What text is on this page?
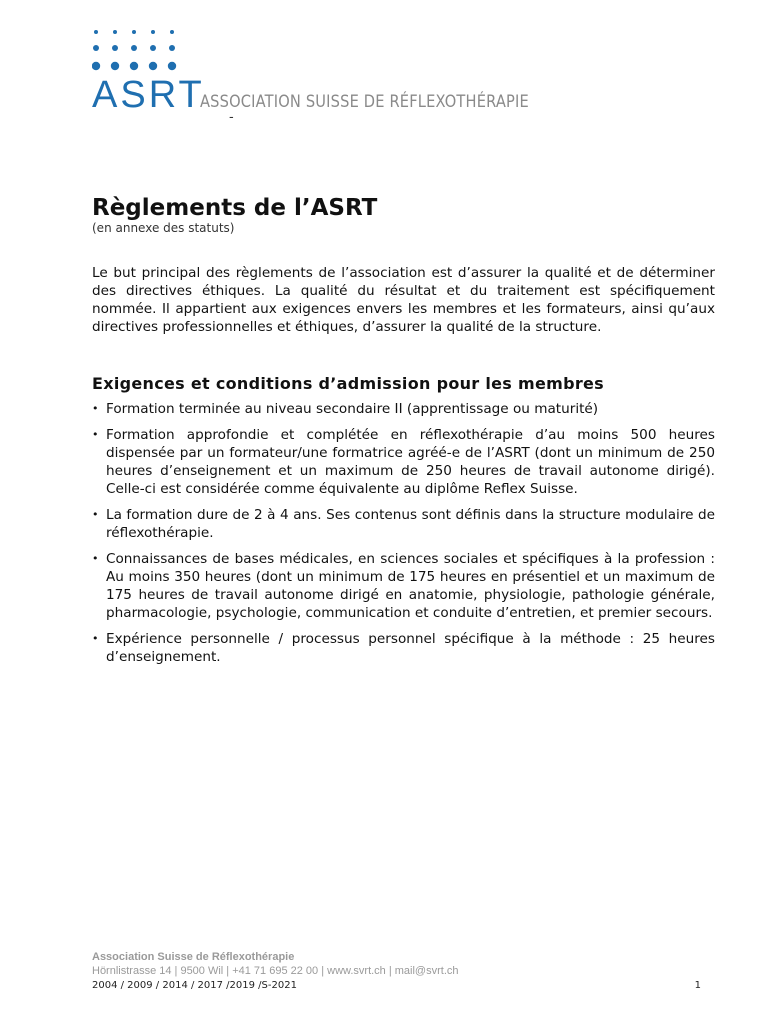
ASRT
ASSOCIATION SUISSE DE RÉFLEXOTHÉRAPIE
-
Règlements de l’ASRT
(en annexe des statuts)

Le but principal des règlements de l’association est d’assurer la qualité et de déterminer des directives éthiques. La qualité du résultat et du traitement est spécifiquement nommée. Il appartient aux exigences envers les membres et les formateurs, ainsi qu’aux directives professionnelles et éthiques, d’assurer la qualité de la structure.

Exigences et conditions d’admission pour les membres
• Formation terminée au niveau secondaire II (apprentissage ou maturité)
• Formation approfondie et complétée en réflexothérapie d’au moins 500 heures dispensée par un formateur/une formatrice agréé-e de l’ASRT (dont un minimum de 250 heures d’enseignement et un maximum de 250 heures de travail autonome dirigé). Celle-ci est considérée comme équivalente au diplôme Reflex Suisse.
• La formation dure de 2 à 4 ans. Ses contenus sont définis dans la structure modulaire de réflexothérapie.
• Connaissances de bases médicales, en sciences sociales et spécifiques à la profession : Au moins 350 heures (dont un minimum de 175 heures en présentiel et un maximum de 175 heures de travail autonome dirigé en anatomie, physiologie, pathologie générale, pharmacologie, psychologie, communication et conduite d’entretien, et premier secours.
• Expérience personnelle / processus personnel spécifique à la méthode : 25 heures d’enseignement.
Association Suisse de Réflexothérapie
Hörnlistrasse 14 | 9500 Wil | +41 71 695 22 00 | www.svrt.ch | mail@svrt.ch
2004 / 2009 / 2014 / 2017 /2019 /S-2021	1
